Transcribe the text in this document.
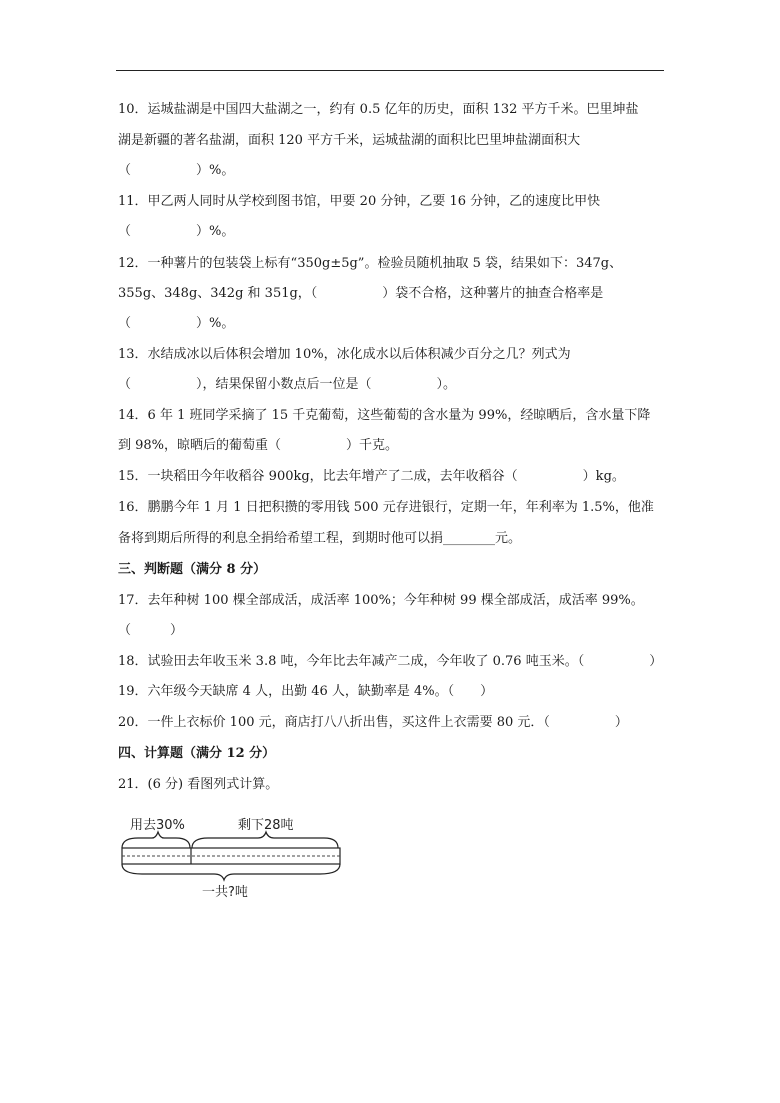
10．运城盐湖是中国四大盐湖之一，约有 0.5 亿年的历史，面积 132 平方千米。巴里坤盐
湖是新疆的著名盐湖，面积 120 平方千米，运城盐湖的面积比巴里坤盐湖面积大
（　　　　　）%。
11．甲乙两人同时从学校到图书馆，甲要 20 分钟，乙要 16 分钟，乙的速度比甲快
（　　　　　）%。
12．一种薯片的包装袋上标有“350g±5g”。检验员随机抽取 5 袋，结果如下：347g、
355g、348g、342g 和 351g，（　　　　　）袋不合格，这种薯片的抽查合格率是
（　　　　　）%。
13．水结成冰以后体积会增加 10%，冰化成水以后体积减少百分之几？列式为
（　　　　　），结果保留小数点后一位是（　　　　　）。
14．6 年 1 班同学采摘了 15 千克葡萄，这些葡萄的含水量为 99%，经晾晒后，含水量下降
到 98%，晾晒后的葡萄重（　　　　　）千克。
15．一块稻田今年收稻谷 900kg，比去年增产了二成，去年收稻谷（　　　　　）kg。
16．鹏鹏今年 1 月 1 日把积攒的零用钱 500 元存进银行，定期一年，年利率为 1.5%，他准
备将到期后所得的利息全捐给希望工程，到期时他可以捐________元。
三、判断题（满分 8 分）
17．去年种树 100 棵全部成活，成活率 100%；今年种树 99 棵全部成活，成活率 99%。
（　　　）
18．试验田去年收玉米 3.8 吨，今年比去年减产二成，今年收了 0.76 吨玉米。（　　　　　）
19．六年级今天缺席 4 人，出勤 46 人，缺勤率是 4%。（　　）
20．一件上衣标价 100 元，商店打八八折出售，买这件上衣需要 80 元．（　　　　　）
四、计算题（满分 12 分）
21．(6 分) 看图列式计算。
用去30%	剩下28吨
一共?吨
